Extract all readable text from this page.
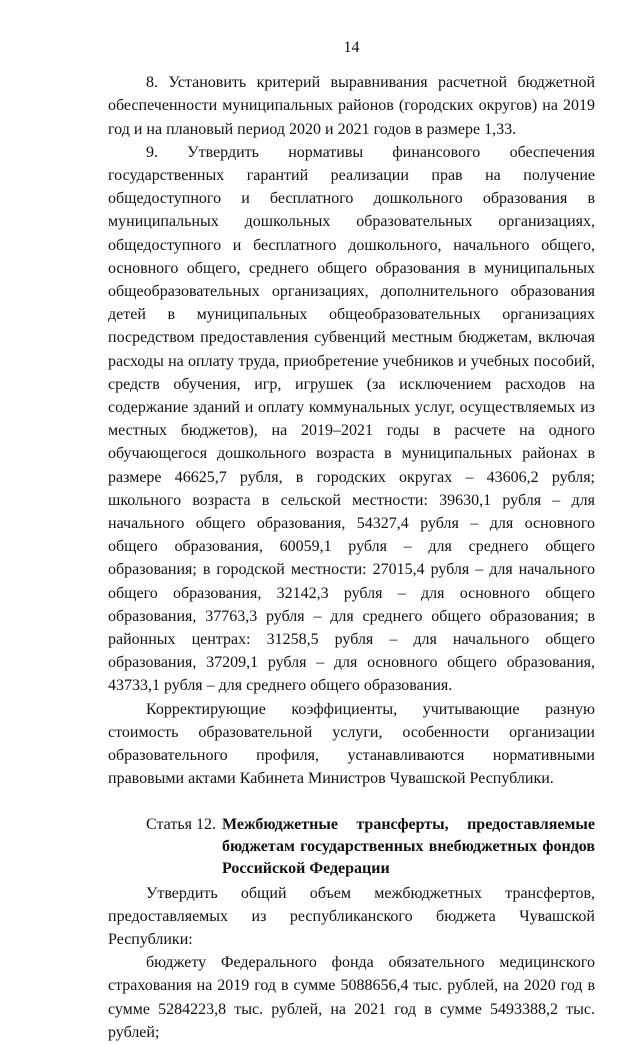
14

8. Установить критерий выравнивания расчетной бюджетной обеспеченности муниципальных районов (городских округов) на 2019 год и на плановый период 2020 и 2021 годов в размере 1,33.

9. Утвердить нормативы финансового обеспечения государственных гарантий реализации прав на получение общедоступного и бесплатного дошкольного образования в муниципальных дошкольных образовательных организациях, общедоступного и бесплатного дошкольного, начального общего, основного общего, среднего общего образования в муниципальных общеобразовательных организациях, дополнительного образования детей в муниципальных общеобразовательных организациях посредством предоставления субвенций местным бюджетам, включая расходы на оплату труда, приобретение учебников и учебных пособий, средств обучения, игр, игрушек (за исключением расходов на содержание зданий и оплату коммунальных услуг, осуществляемых из местных бюджетов), на 2019–2021 годы в расчете на одного обучающегося дошкольного возраста в муниципальных районах в размере 46625,7 рубля, в городских округах – 43606,2 рубля; школьного возраста в сельской местности: 39630,1 рубля – для начального общего образования, 54327,4 рубля – для основного общего образования, 60059,1 рубля – для среднего общего образования; в городской местности: 27015,4 рубля – для начального общего образования, 32142,3 рубля – для основного общего образования, 37763,3 рубля – для среднего общего образования; в районных центрах: 31258,5 рубля – для начального общего образования, 37209,1 рубля – для основного общего образования, 43733,1 рубля – для среднего общего образования.

Корректирующие коэффициенты, учитывающие разную стоимость образовательной услуги, особенности организации образовательного профиля, устанавливаются нормативными правовыми актами Кабинета Министров Чувашской Республики.

Статья 12. Межбюджетные трансферты, предоставляемые бюджетам государственных внебюджетных фондов Российской Федерации

Утвердить общий объем межбюджетных трансфертов, предоставляемых из республиканского бюджета Чувашской Республики:

бюджету Федерального фонда обязательного медицинского страхования на 2019 год в сумме 5088656,4 тыс. рублей, на 2020 год в сумме 5284223,8 тыс. рублей, на 2021 год в сумме 5493388,2 тыс. рублей;
